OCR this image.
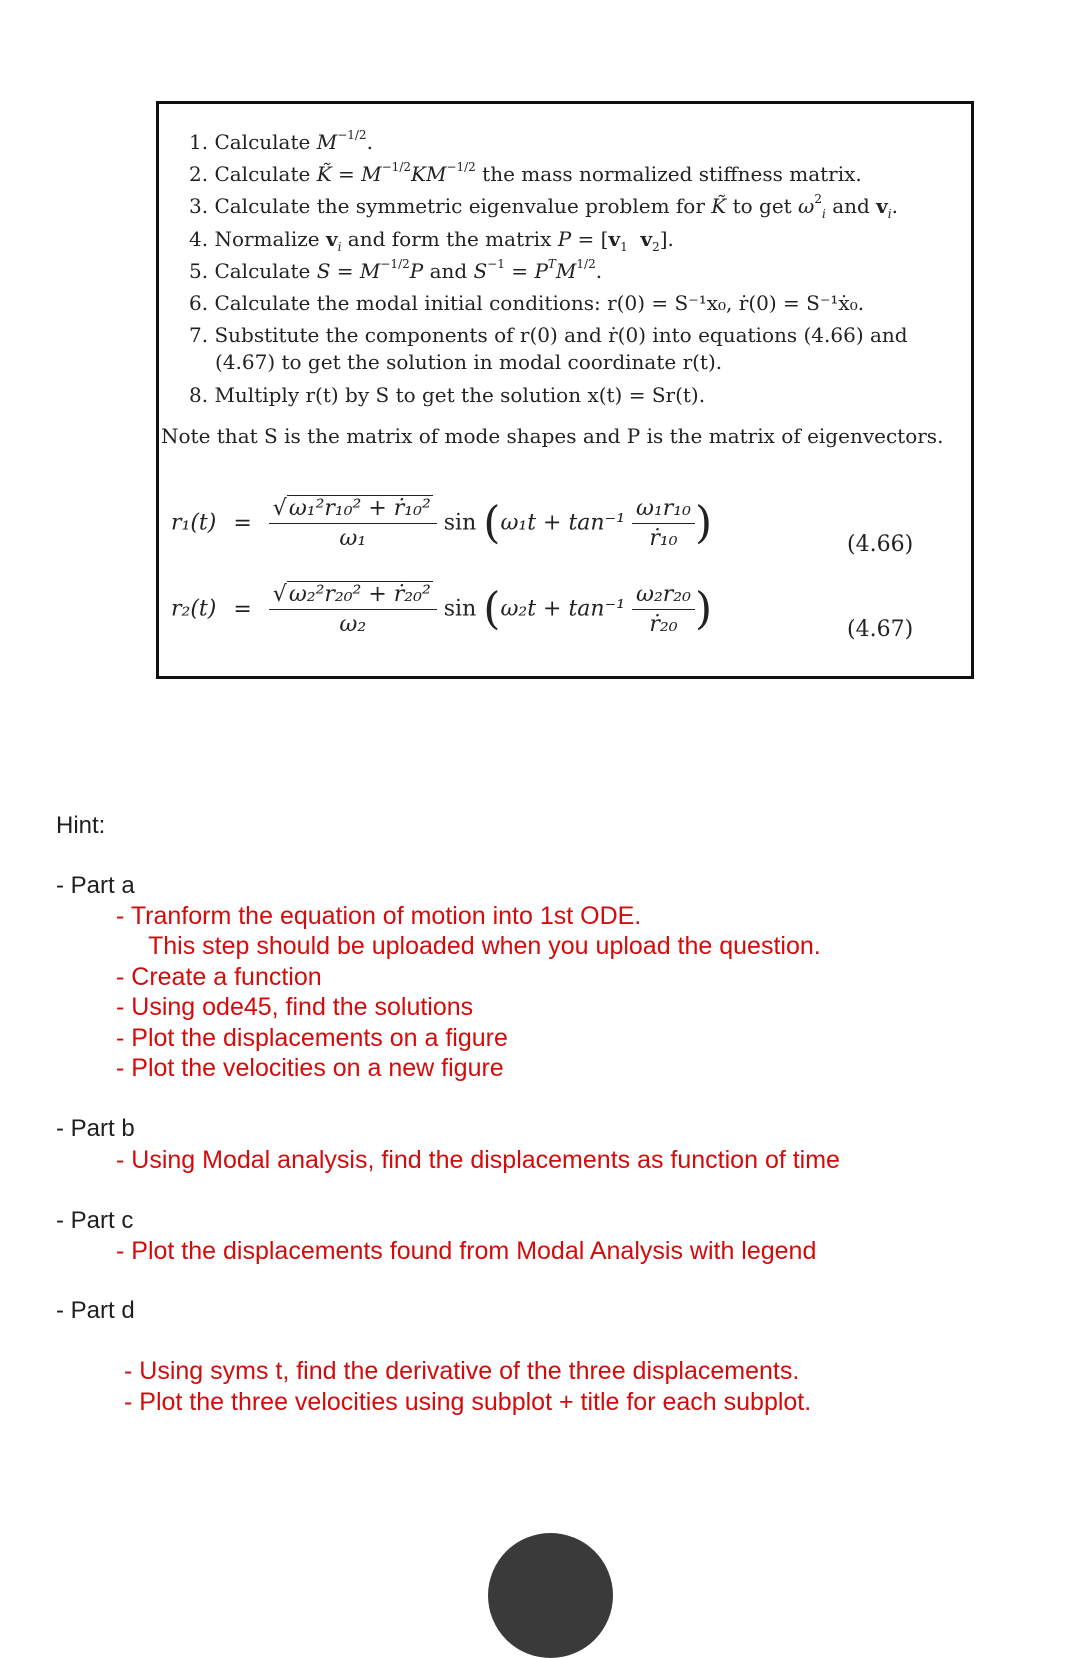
1. Calculate $M^{-1/2}$.
2. Calculate K̃ = $M^{-1/2}KM^{-1/2}$ the mass normalized stiffness matrix.
3. Calculate the symmetric eigenvalue problem for K̃ to get $\omega^2_i$ and $v_i$.
4. Normalize $v_i$ and form the matrix $P = [v_1$ $v_2$].
5. Calculate $S = M^{-1/2}P$ and $S^{-1} = P^TM^{1/2}$.
6. Calculate the modal initial conditions: r(0) = S⁻¹x₀, ṙ(0) = S⁻¹ẋ₀.
7. Substitute the components of r(0) and ṙ(0) into equations (4.66) and
(4.67) to get the solution in modal coordinate r(t).
8. Multiply r(t) by S to get the solution x(t) = Sr(t).
Note that S is the matrix of mode shapes and P is the matrix of eigenvectors.
$r_1(t) = \frac{\text{√ω₁²r₁₀² + ṙ₁₀²}}{\text{ω₁}}$ $\sin (\omega_1t + \tan^{-1} \frac{\text{ω₁r₁₀}}{\text{ṙ₁₀}}$ )	(4.66)
$r_2(t) = \frac{\text{√ω₂²r₂₀² + ṙ₂₀²}}{\text{ω₂}}$ $\sin (\omega_2t + \tan^{-1} \frac{\text{ω₂r₂₀}}{\text{ṙ₂₀}}$ )	(4.67)
Hint:
- Part a
- Tranform the equation of motion into 1st ODE.
This step should be uploaded when you upload the question.
- Create a function
- Using ode45, find the solutions
- Plot the displacements on a figure
- Plot the velocities on a new figure
- Part b
- Using Modal analysis, find the displacements as function of time
- Part c
- Plot the displacements found from Modal Analysis with legend
- Part d
- Using syms t, find the derivative of the three displacements.
- Plot the three velocities using subplot + title for each subplot.
